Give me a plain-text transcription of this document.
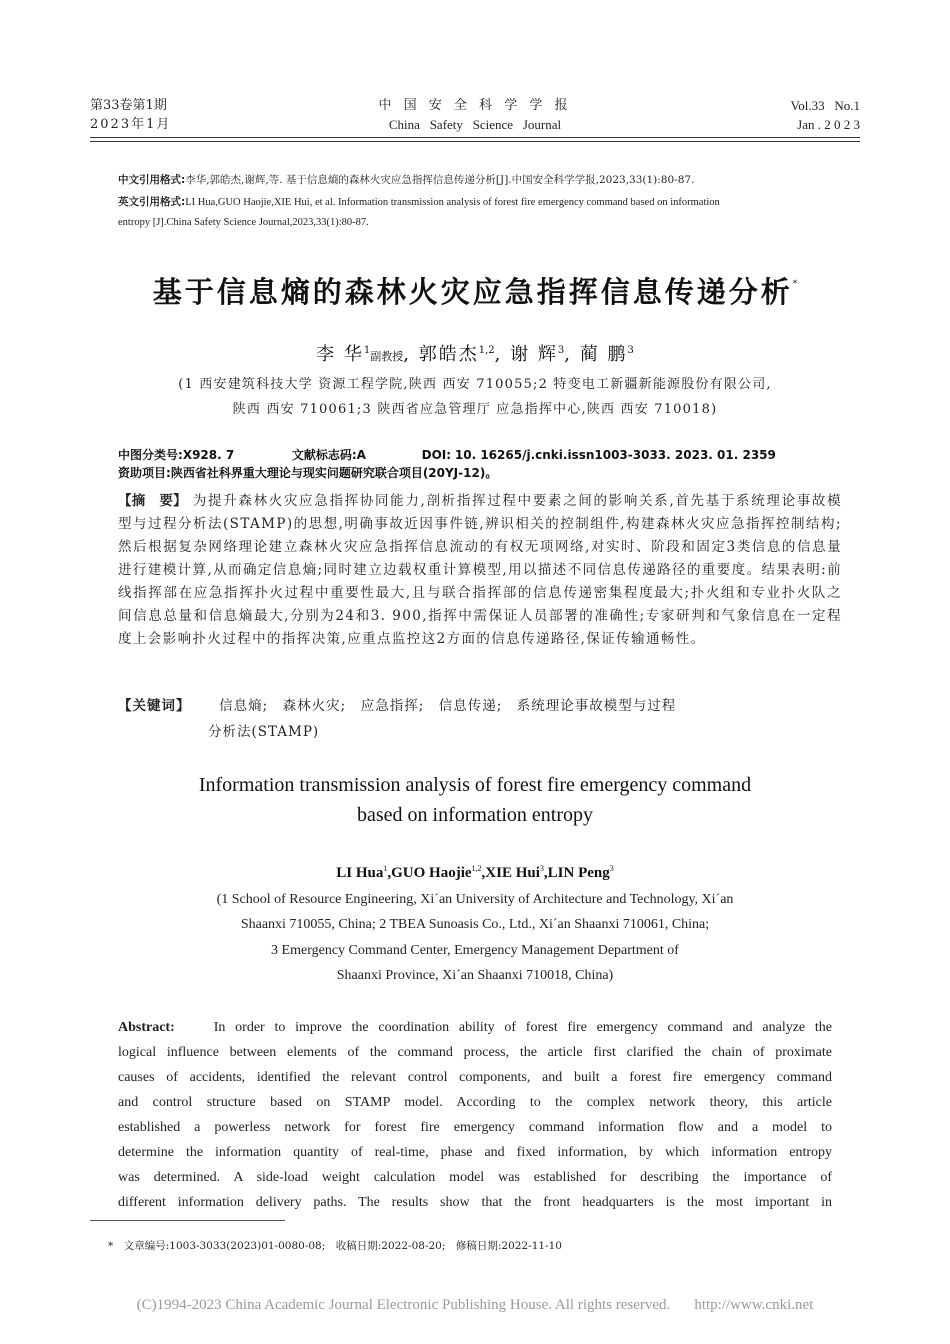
第33卷第1期
2023年1月
中 国 安 全 科 学 学 报
China   Safety   Science   Journal
Vol.33   No.1
Jan . 2 0 2 3
中文引用格式:李华,郭皓杰,谢辉,等. 基于信息熵的森林火灾应急指挥信息传递分析[J].中国安全科学学报,2023,33(1):80-87.
英文引用格式:LI Hua,GUO Haojie,XIE Hui, et al. Information transmission analysis of forest fire emergency command based on information
entropy [J].China Safety Science Journal,2023,33(1):80-87.
基于信息熵的森林火灾应急指挥信息传递分析*
李 华$^1$副教授, 郭皓杰$^{1,2}$, 谢 辉$^3$, 蔺 鹏$^3$
(1 西安建筑科技大学 资源工程学院,陕西 西安 710055;2 特变电工新疆新能源股份有限公司,
陕西 西安 710061;3 陕西省应急管理厅 应急指挥中心,陕西 西安 710018)
中图分类号:X928. 7	文献标志码:A	DOI: 10. 16265/j.cnki.issn1003-3033. 2023. 01. 2359
资助项目:陕西省社科界重大理论与现实问题研究联合项目(20YJ-12)。
【摘　要】 为提升森林火灾应急指挥协同能力,剖析指挥过程中要素之间的影响关系,首先基于系统理论事故模型与过程分析法(STAMP)的思想,明确事故近因事件链,辨识相关的控制组件,构建森林火灾应急指挥控制结构;然后根据复杂网络理论建立森林火灾应急指挥信息流动的有权无项网络,对实时、阶段和固定3类信息的信息量进行建模计算,从而确定信息熵;同时建立边载权重计算模型,用以描述不同信息传递路径的重要度。结果表明:前线指挥部在应急指挥扑火过程中重要性最大,且与联合指挥部的信息传递密集程度最大;扑火组和专业扑火队之间信息总量和信息熵最大,分别为24和3. 900,指挥中需保证人员部署的准确性;专家研判和气象信息在一定程度上会影响扑火过程中的指挥决策,应重点监控这2方面的信息传递路径,保证传输通畅性。
【关键词】 信息熵;　森林火灾;　应急指挥;　信息传递;　系统理论事故模型与过程
分析法(STAMP)
Information transmission analysis of forest fire emergency command
based on information entropy
LI Hua$^1$,GUO Haojie$^{1,2}$,XIE Hui$^3$,LIN Peng$^3$
(1 School of Resource Engineering, Xi´an University of Architecture and Technology, Xi´an
Shaanxi 710055, China; 2 TBEA Sunoasis Co., Ltd., Xi´an Shaanxi 710061, China;
3 Emergency Command Center, Emergency Management Department of
Shaanxi Province, Xi´an Shaanxi 710018, China)
Abstract:	In order to improve the coordination ability of forest fire emergency command and analyze the
logical influence between elements of the command process, the article first clarified the chain of proximate
causes of accidents, identified the relevant control components, and built a forest fire emergency command
and control structure based on STAMP model. According to the complex network theory, this article
established a powerless network for forest fire emergency command information flow and a model to
determine the information quantity of real-time, phase and fixed information, by which information entropy
was determined. A side-load weight calculation model was established for describing the importance of
different information delivery paths. The results show that the front headquarters is the most important in
*　文章编号:1003-3033(2023)01-0080-08;　收稿日期:2022-08-20;　修稿日期:2022-11-10
(C)1994-2023 China Academic Journal Electronic Publishing House. All rights reserved. http://www.cnki.net
